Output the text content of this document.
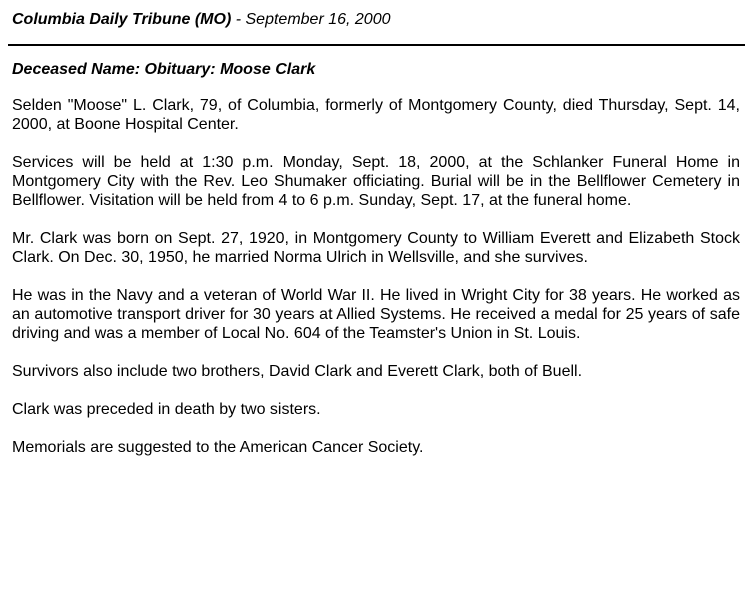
Columbia Daily Tribune (MO) - September 16, 2000
Deceased Name: Obituary: Moose Clark

Selden "Moose" L. Clark, 79, of Columbia, formerly of Montgomery County, died Thursday, Sept. 14, 2000, at Boone Hospital Center.

Services will be held at 1:30 p.m. Monday, Sept. 18, 2000, at the Schlanker Funeral Home in Montgomery City with the Rev. Leo Shumaker officiating. Burial will be in the Bellflower Cemetery in Bellflower. Visitation will be held from 4 to 6 p.m. Sunday, Sept. 17, at the funeral home.

Mr. Clark was born on Sept. 27, 1920, in Montgomery County to William Everett and Elizabeth Stock Clark. On Dec. 30, 1950, he married Norma Ulrich in Wellsville, and she survives.

He was in the Navy and a veteran of World War II. He lived in Wright City for 38 years. He worked as an automotive transport driver for 30 years at Allied Systems. He received a medal for 25 years of safe driving and was a member of Local No. 604 of the Teamster's Union in St. Louis.

Survivors also include two brothers, David Clark and Everett Clark, both of Buell.

Clark was preceded in death by two sisters.

Memorials are suggested to the American Cancer Society.
